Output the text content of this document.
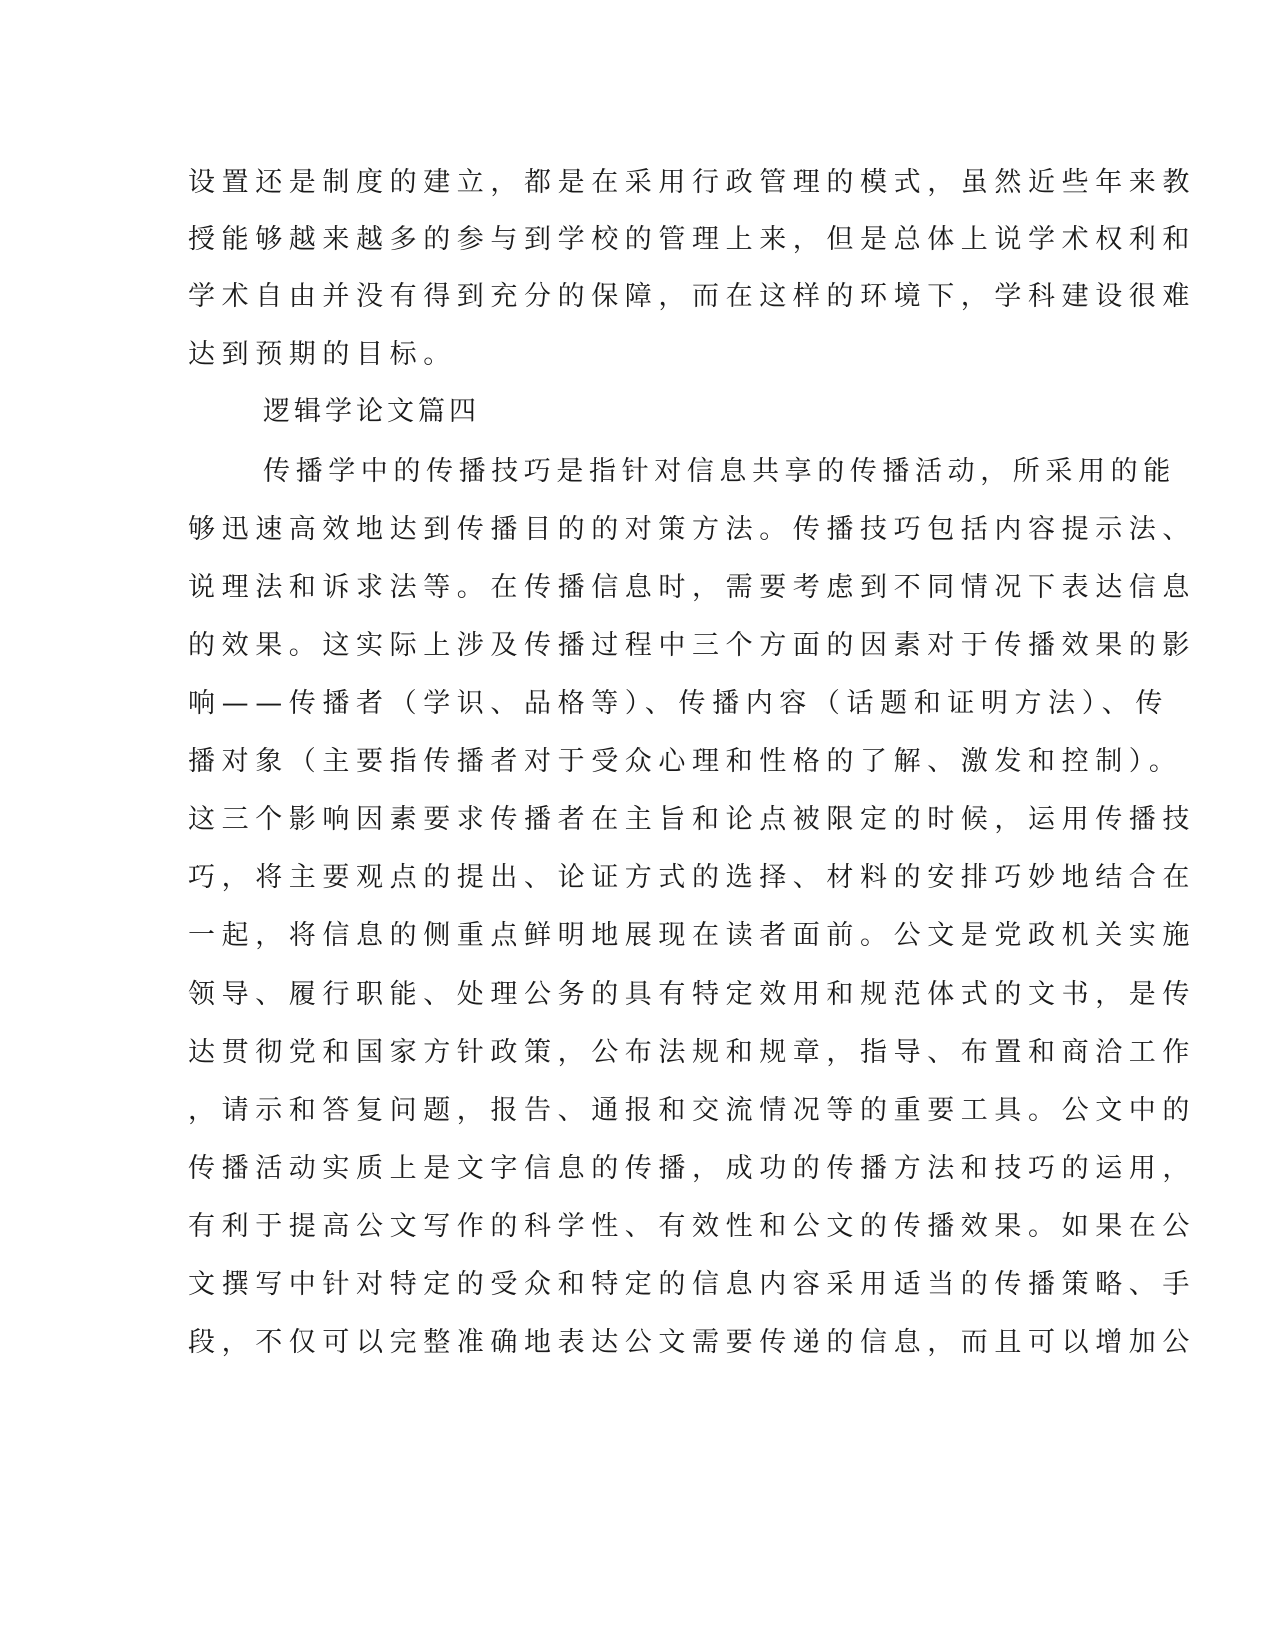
设置还是制度的建立，都是在采用行政管理的模式，虽然近些年来教
授能够越来越多的参与到学校的管理上来，但是总体上说学术权利和
学术自由并没有得到充分的保障，而在这样的环境下，学科建设很难
达到预期的目标。
逻辑学论文篇四
传播学中的传播技巧是指针对信息共享的传播活动，所采用的能
够迅速高效地达到传播目的的对策方法。传播技巧包括内容提示法、
说理法和诉求法等。在传播信息时，需要考虑到不同情况下表达信息
的效果。这实际上涉及传播过程中三个方面的因素对于传播效果的影
响——传播者（学识、品格等）、传播内容（话题和证明方法）、传
播对象（主要指传播者对于受众心理和性格的了解、激发和控制）。
这三个影响因素要求传播者在主旨和论点被限定的时候，运用传播技
巧，将主要观点的提出、论证方式的选择、材料的安排巧妙地结合在
一起，将信息的侧重点鲜明地展现在读者面前。公文是党政机关实施
领导、履行职能、处理公务的具有特定效用和规范体式的文书，是传
达贯彻党和国家方针政策，公布法规和规章，指导、布置和商洽工作
，请示和答复问题，报告、通报和交流情况等的重要工具。公文中的
传播活动实质上是文字信息的传播，成功的传播方法和技巧的运用，
有利于提高公文写作的科学性、有效性和公文的传播效果。如果在公
文撰写中针对特定的受众和特定的信息内容采用适当的传播策略、手
段，不仅可以完整准确地表达公文需要传递的信息，而且可以增加公
